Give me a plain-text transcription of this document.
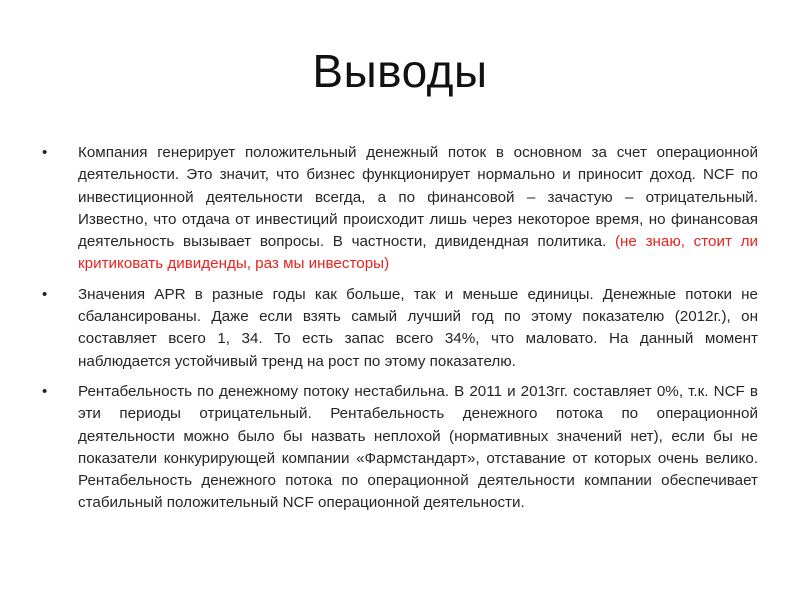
Выводы
• Компания генерирует положительный денежный поток в основном за счет операционной деятельности. Это значит, что бизнес функционирует нормально и приносит доход. NCF по инвестиционной деятельности всегда, а по финансовой – зачастую – отрицательный. Известно, что отдача от инвестиций происходит лишь через некоторое время, но финансовая деятельность вызывает вопросы. В частности, дивидендная политика. (не знаю, стоит ли критиковать дивиденды, раз мы инвесторы)
• Значения APR в разные годы как больше, так и меньше единицы. Денежные потоки не сбалансированы. Даже если взять самый лучший год по этому показателю (2012г.), он составляет всего 1, 34. То есть запас всего 34%, что маловато. На данный момент наблюдается устойчивый тренд на рост по этому показателю.
• Рентабельность по денежному потоку нестабильна. В 2011 и 2013гг. составляет 0%, т.к. NCF в эти периоды отрицательный. Рентабельность денежного потока по операционной деятельности можно было бы назвать неплохой (нормативных значений нет), если бы не показатели конкурирующей компании «Фармстандарт», отставание от которых очень велико. Рентабельность денежного потока по операционной деятельности компании обеспечивает стабильный положительный NCF операционной деятельности.
